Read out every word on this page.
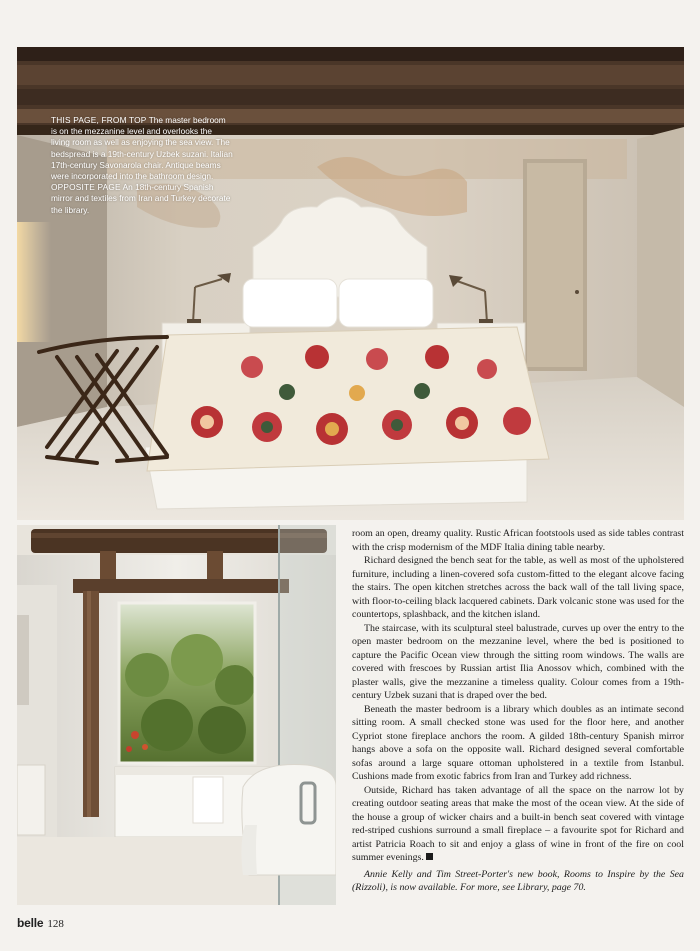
THIS PAGE, FROM TOP The master bedroom is on the mezzanine level and overlooks the living room as well as enjoying the sea view. The bedspread is a 19th-century Uzbek suzani. Italian 17th-century Savonarola chair. Antique beams were incorporated into the bathroom design. OPPOSITE PAGE An 18th-century Spanish mirror and textiles from Iran and Turkey decorate the library.

room an open, dreamy quality. Rustic African footstools used as side tables contrast with the crisp modernism of the MDF Italia dining table nearby.

Richard designed the bench seat for the table, as well as most of the upholstered furniture, including a linen-covered sofa custom-fitted to the elegant alcove facing the stairs. The open kitchen stretches across the back wall of the tall living space, with floor-to-ceiling black lacquered cabinets. Dark volcanic stone was used for the countertops, splashback, and the kitchen island.

The staircase, with its sculptural steel balustrade, curves up over the entry to the open master bedroom on the mezzanine level, where the bed is positioned to capture the Pacific Ocean view through the sitting room windows. The walls are covered with frescoes by Russian artist Ilia Anossov which, combined with the plaster walls, give the mezzanine a timeless quality. Colour comes from a 19th-century Uzbek suzani that is draped over the bed.

Beneath the master bedroom is a library which doubles as an intimate second sitting room. A small checked stone was used for the floor here, and another Cypriot stone fireplace anchors the room. A gilded 18th-century Spanish mirror hangs above a sofa on the opposite wall. Richard designed several comfortable sofas around a large square ottoman upholstered in a textile from Istanbul. Cushions made from exotic fabrics from Iran and Turkey add richness.

Outside, Richard has taken advantage of all the space on the narrow lot by creating outdoor seating areas that make the most of the ocean view. At the side of the house a group of wicker chairs and a built-in bench seat covered with vintage red-striped cushions surround a small fireplace – a favourite spot for Richard and artist Patricia Roach to sit and enjoy a glass of wine in front of the fire on cool summer evenings.

Annie Kelly and Tim Street-Porter's new book, Rooms to Inspire by the Sea (Rizzoli), is now available. For more, see Library, page 70.

belle 128
